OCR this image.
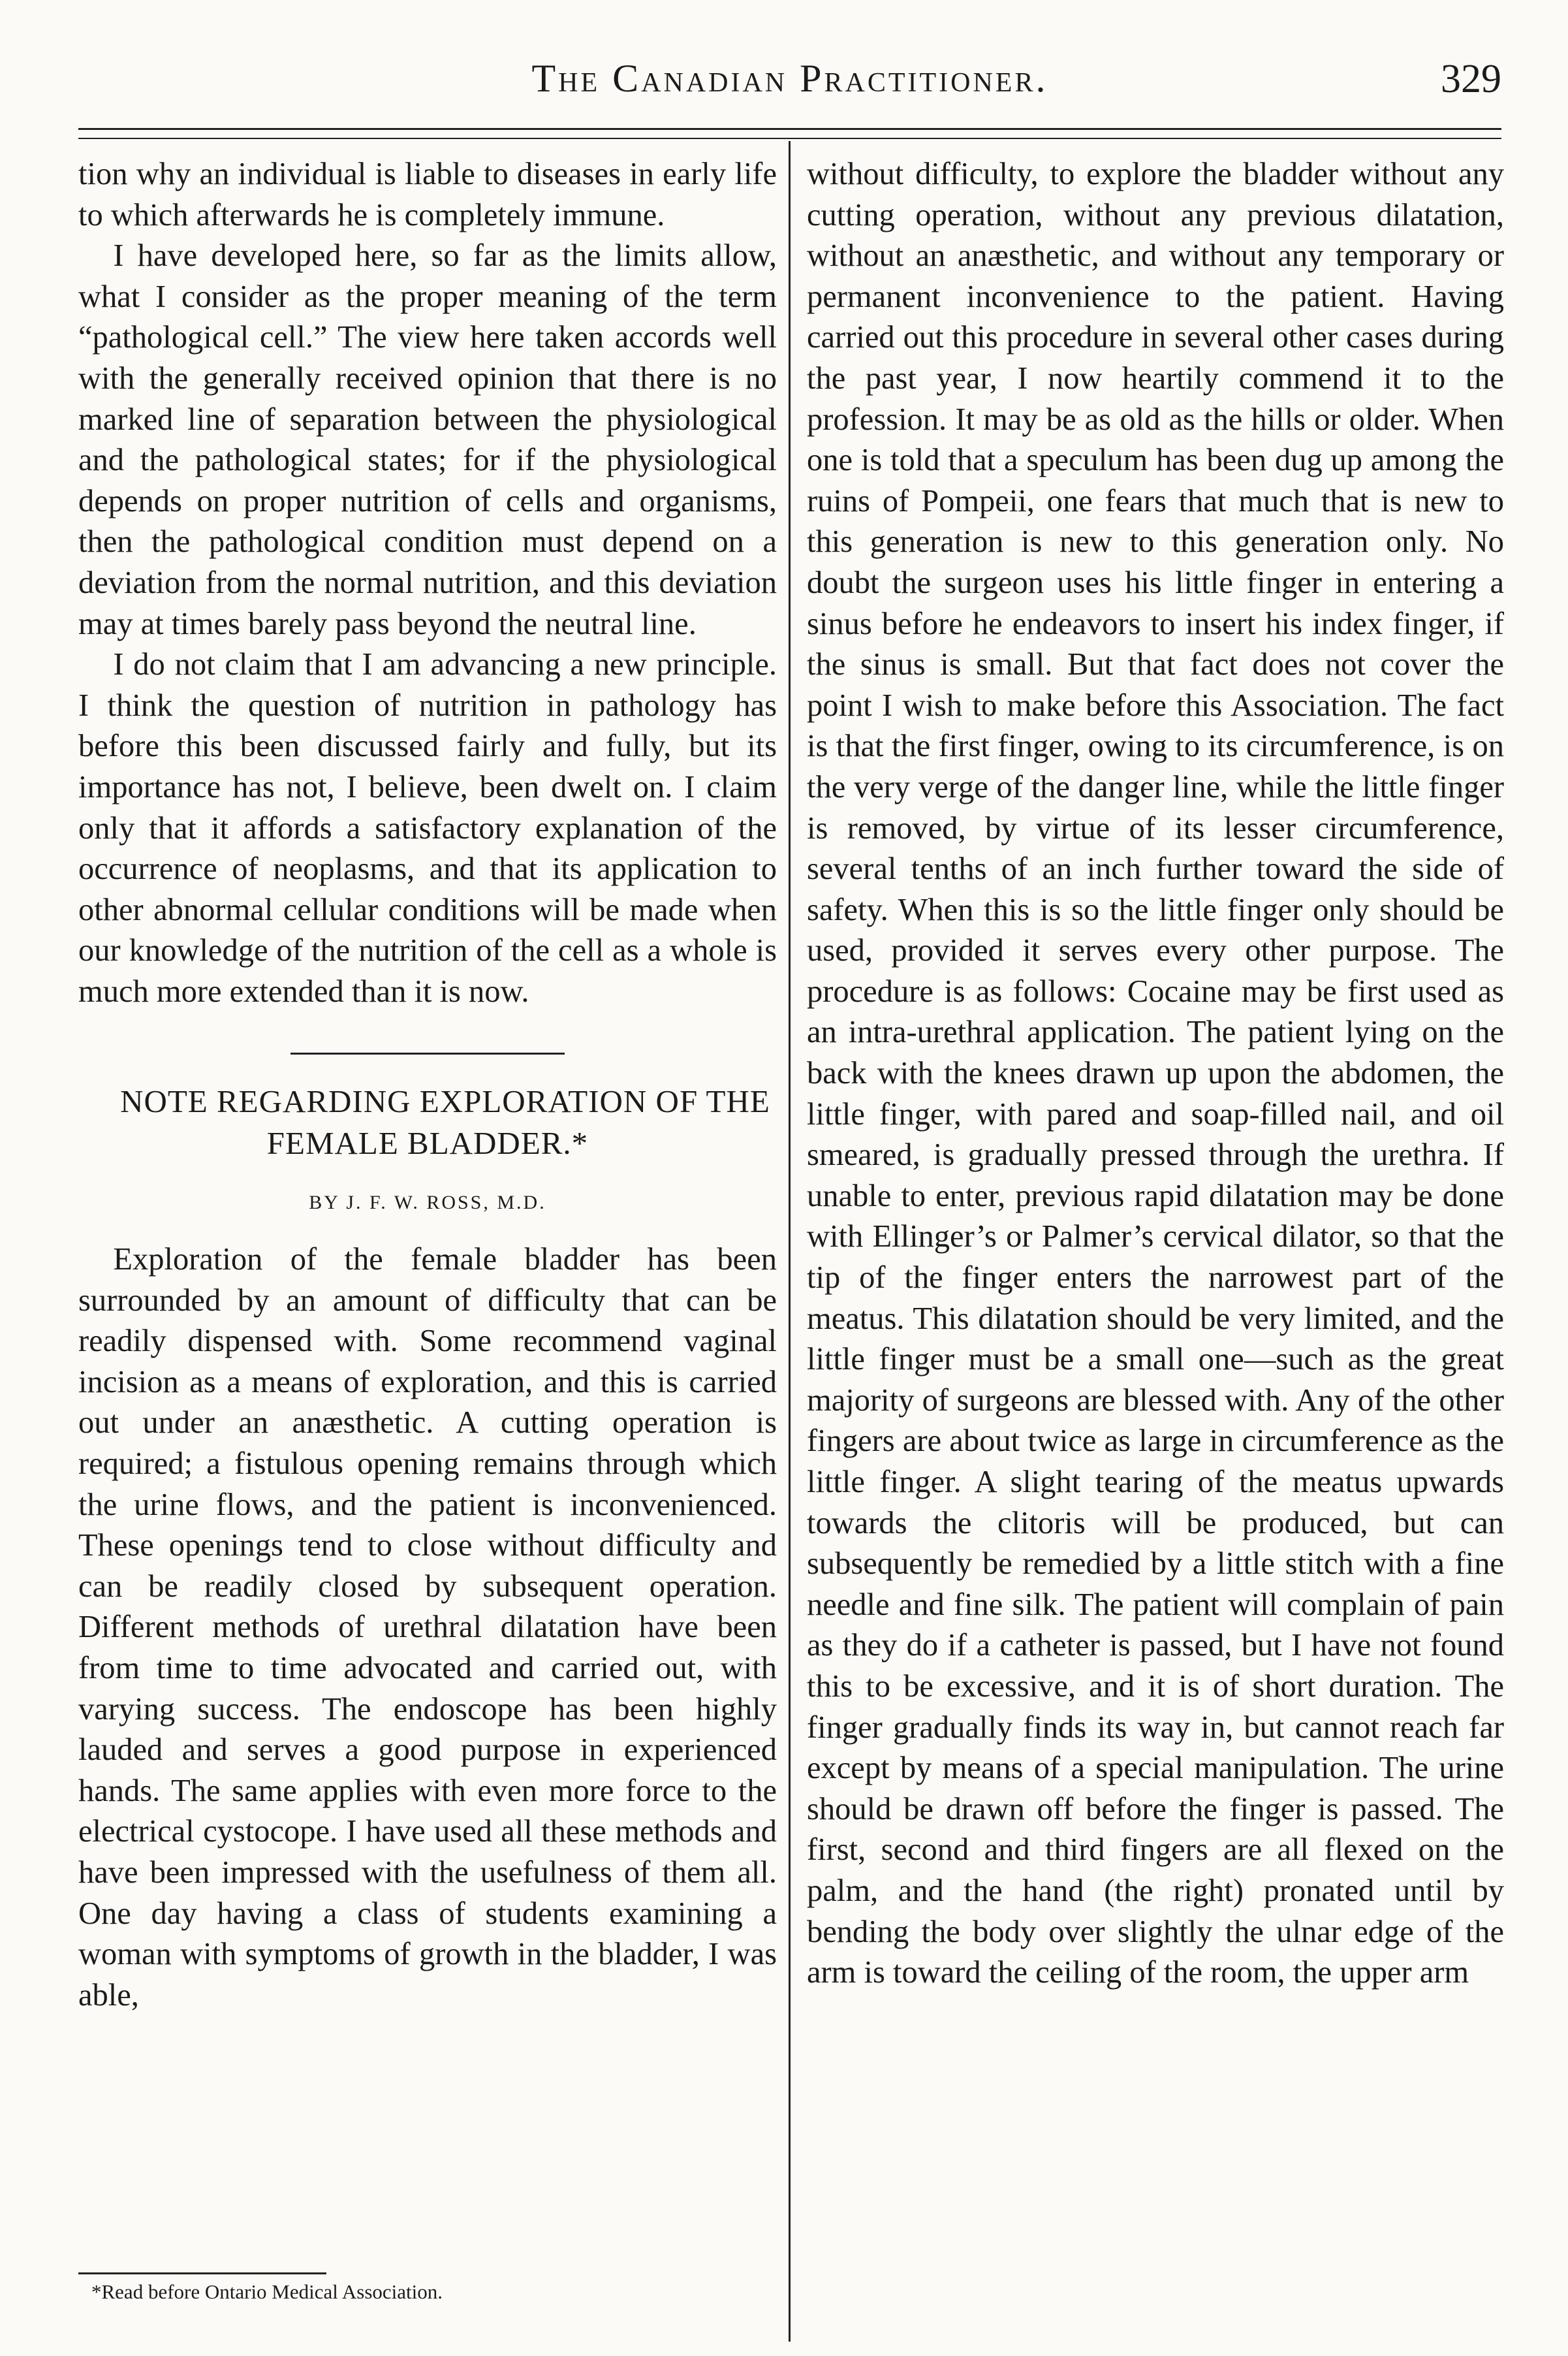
The Canadian Practitioner.	329

tion why an individual is liable to diseases in early life to which afterwards he is completely immune.

I have developed here, so far as the limits allow, what I consider as the proper meaning of the term “pathological cell.” The view here taken accords well with the generally received opinion that there is no marked line of separation between the physiological and the pathological states; for if the physiological depends on proper nutrition of cells and organisms, then the pathological condition must depend on a deviation from the normal nutrition, and this deviation may at times barely pass beyond the neutral line.

I do not claim that I am advancing a new principle. I think the question of nutrition in pathology has before this been discussed fairly and fully, but its importance has not, I believe, been dwelt on. I claim only that it affords a satisfactory explanation of the occurrence of neoplasms, and that its application to other abnormal cellular conditions will be made when our knowledge of the nutrition of the cell as a whole is much more extended than it is now.

NOTE REGARDING EXPLORATION OF THE FEMALE BLADDER.*

BY J. F. W. ROSS, M.D.

Exploration of the female bladder has been surrounded by an amount of difficulty that can be readily dispensed with. Some recommend vaginal incision as a means of exploration, and this is carried out under an anæsthetic. A cutting operation is required; a fistulous opening remains through which the urine flows, and the patient is inconvenienced. These openings tend to close without difficulty and can be readily closed by subsequent operation. Different methods of urethral dilatation have been from time to time advocated and carried out, with varying success. The endoscope has been highly lauded and serves a good purpose in experienced hands. The same applies with even more force to the electrical cystocope. I have used all these methods and have been impressed with the usefulness of them all. One day having a class of students examining a woman with symptoms of growth in the bladder, I was able,

without difficulty, to explore the bladder without any cutting operation, without any previous dilatation, without an anæsthetic, and without any temporary or permanent inconvenience to the patient. Having carried out this procedure in several other cases during the past year, I now heartily commend it to the profession. It may be as old as the hills or older. When one is told that a speculum has been dug up among the ruins of Pompeii, one fears that much that is new to this generation is new to this generation only. No doubt the surgeon uses his little finger in entering a sinus before he endeavors to insert his index finger, if the sinus is small. But that fact does not cover the point I wish to make before this Association. The fact is that the first finger, owing to its circumference, is on the very verge of the danger line, while the little finger is removed, by virtue of its lesser circumference, several tenths of an inch further toward the side of safety. When this is so the little finger only should be used, provided it serves every other purpose. The procedure is as follows: Cocaine may be first used as an intra-urethral application. The patient lying on the back with the knees drawn up upon the abdomen, the little finger, with pared and soap-filled nail, and oil smeared, is gradually pressed through the urethra. If unable to enter, previous rapid dilatation may be done with Ellinger’s or Palmer’s cervical dilator, so that the tip of the finger enters the narrowest part of the meatus. This dilatation should be very limited, and the little finger must be a small one—such as the great majority of surgeons are blessed with. Any of the other fingers are about twice as large in circumference as the little finger. A slight tearing of the meatus upwards towards the clitoris will be produced, but can subsequently be remedied by a little stitch with a fine needle and fine silk. The patient will complain of pain as they do if a catheter is passed, but I have not found this to be excessive, and it is of short duration. The finger gradually finds its way in, but cannot reach far except by means of a special manipulation. The urine should be drawn off before the finger is passed. The first, second and third fingers are all flexed on the palm, and the hand (the right) pronated until by bending the body over slightly the ulnar edge of the arm is toward the ceiling of the room, the upper arm

*Read before Ontario Medical Association.
